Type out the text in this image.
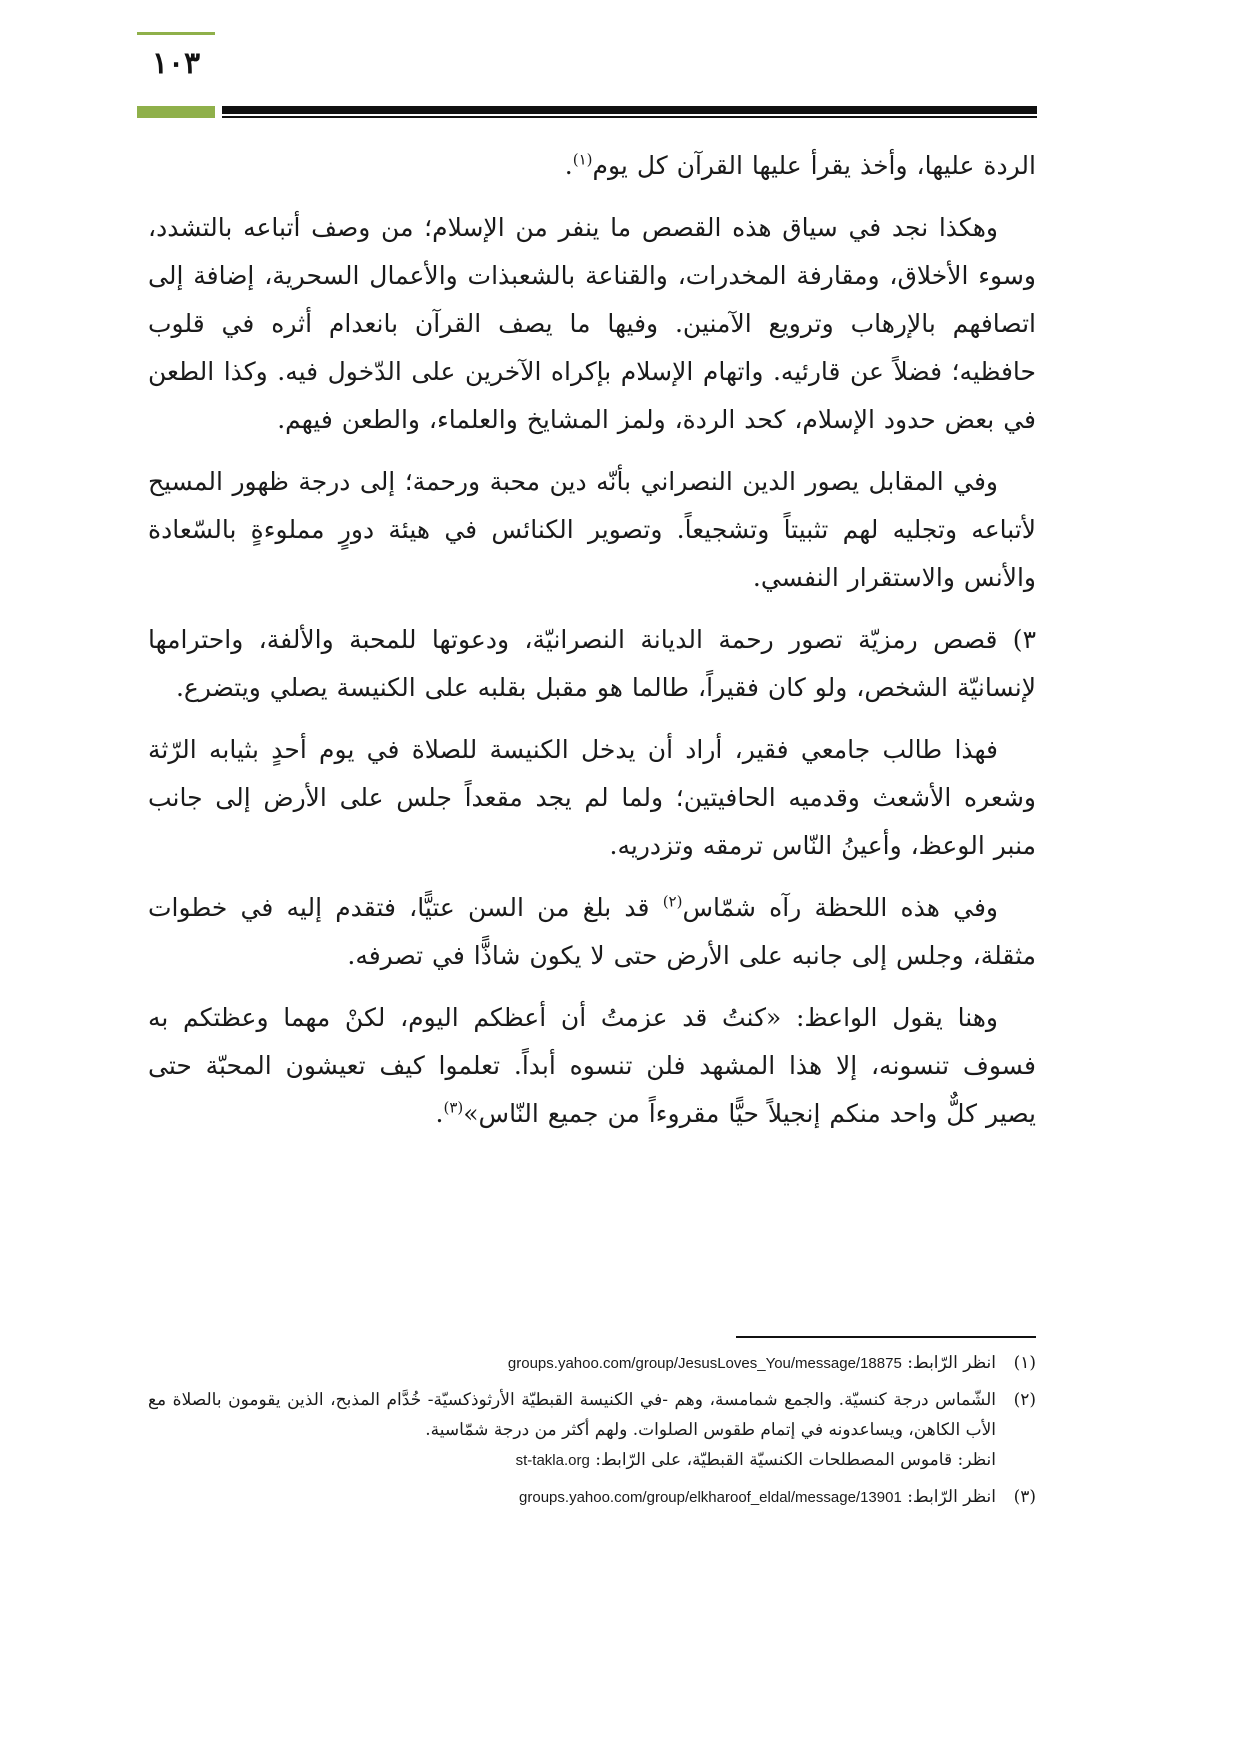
١٠٣

الردة عليها، وأخذ يقرأ عليها القرآن كل يوم$^{(١)}$.

وهكذا نجد في سياق هذه القصص ما ينفر من الإسلام؛ من وصف أتباعه بالتشدد، وسوء الأخلاق، ومقارفة المخدرات، والقناعة بالشعبذات والأعمال السحرية، إضافة إلى اتصافهم بالإرهاب وترويع الآمنين. وفيها ما يصف القرآن بانعدام أثره في قلوب حافظيه؛ فضلاً عن قارئيه. واتهام الإسلام بإكراه الآخرين على الدّخول فيه. وكذا الطعن في بعض حدود الإسلام، كحد الردة، ولمز المشايخ والعلماء، والطعن فيهم.

وفي المقابل يصور الدين النصراني بأنّه دين محبة ورحمة؛ إلى درجة ظهور المسيح لأتباعه وتجليه لهم تثبيتاً وتشجيعاً. وتصوير الكنائس في هيئة دورٍ مملوءةٍ بالسّعادة والأنس والاستقرار النفسي.

٣) قصص رمزيّة تصور رحمة الديانة النصرانيّة، ودعوتها للمحبة والألفة، واحترامها لإنسانيّة الشخص، ولو كان فقيراً، طالما هو مقبل بقلبه على الكنيسة يصلي ويتضرع.

فهذا طالب جامعي فقير، أراد أن يدخل الكنيسة للصلاة في يوم أحدٍ بثيابه الرّثة وشعره الأشعث وقدميه الحافيتين؛ ولما لم يجد مقعداً جلس على الأرض إلى جانب منبر الوعظ، وأعينُ النّاس ترمقه وتزدريه.

وفي هذه اللحظة رآه شمّاس$^{(٢)}$ قد بلغ من السن عتيًّا، فتقدم إليه في خطوات مثقلة، وجلس إلى جانبه على الأرض حتى لا يكون شاذًّا في تصرفه.

وهنا يقول الواعظ: «كنتُ قد عزمتُ أن أعظكم اليوم، لكنْ مهما وعظتكم به فسوف تنسونه، إلا هذا المشهد فلن تنسوه أبداً. تعلموا كيف تعيشون المحبّة حتى يصير كلٌّ واحد منكم إنجيلاً حيًّا مقروءاً من جميع النّاس»$^{(٣)}$.

(١)
انظر الرّابط: groups.yahoo.com/group/JesusLoves_You/message/18875
(٢)
الشّماس درجة كنسيّة. والجمع شمامسة، وهم -في الكنيسة القبطيّة الأرثوذكسيّة- خُدَّام المذبح، الذين يقومون بالصلاة مع الأب الكاهن، ويساعدونه في إتمام طقوس الصلوات. ولهم أكثر من درجة شمّاسية.
انظر: قاموس المصطلحات الكنسيّة القبطيّة، على الرّابط: st-takla.org
(٣)
انظر الرّابط: groups.yahoo.com/group/elkharoof_eldal/message/13901
